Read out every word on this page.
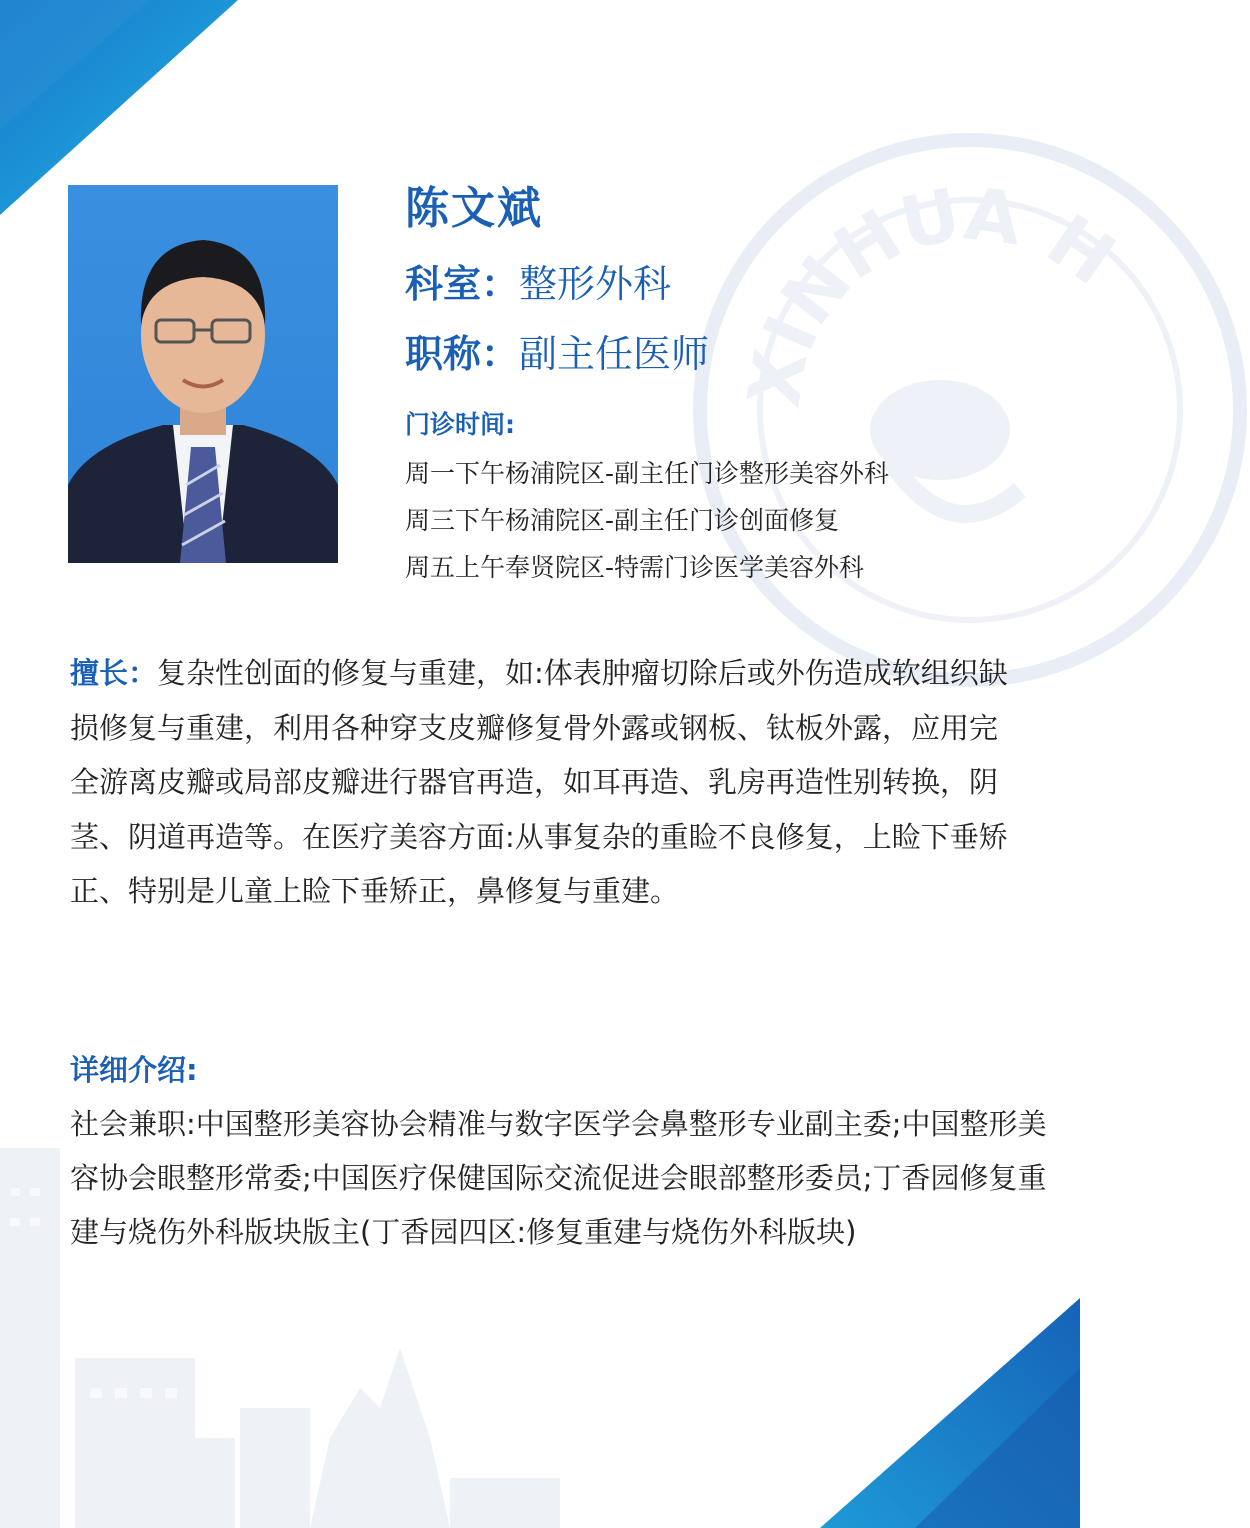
XINHUA H
陈文斌
科室：整形外科
职称：副主任医师
门诊时间:
周一下午杨浦院区-副主任门诊整形美容外科
周三下午杨浦院区-副主任门诊创面修复
周五上午奉贤院区-特需门诊医学美容外科

擅长：复杂性创面的修复与重建，如:体表肿瘤切除后或外伤造成软组织缺损修复与重建，利用各种穿支皮瓣修复骨外露或钢板、钛板外露，应用完全游离皮瓣或局部皮瓣进行器官再造，如耳再造、乳房再造性别转换，阴茎、阴道再造等。在医疗美容方面:从事复杂的重睑不良修复，上睑下垂矫正、特别是儿童上睑下垂矫正，鼻修复与重建。

详细介绍:

社会兼职:中国整形美容协会精准与数字医学会鼻整形专业副主委;中国整形美容协会眼整形常委;中国医疗保健国际交流促进会眼部整形委员;丁香园修复重建与烧伤外科版块版主(丁香园四区:修复重建与烧伤外科版块)
